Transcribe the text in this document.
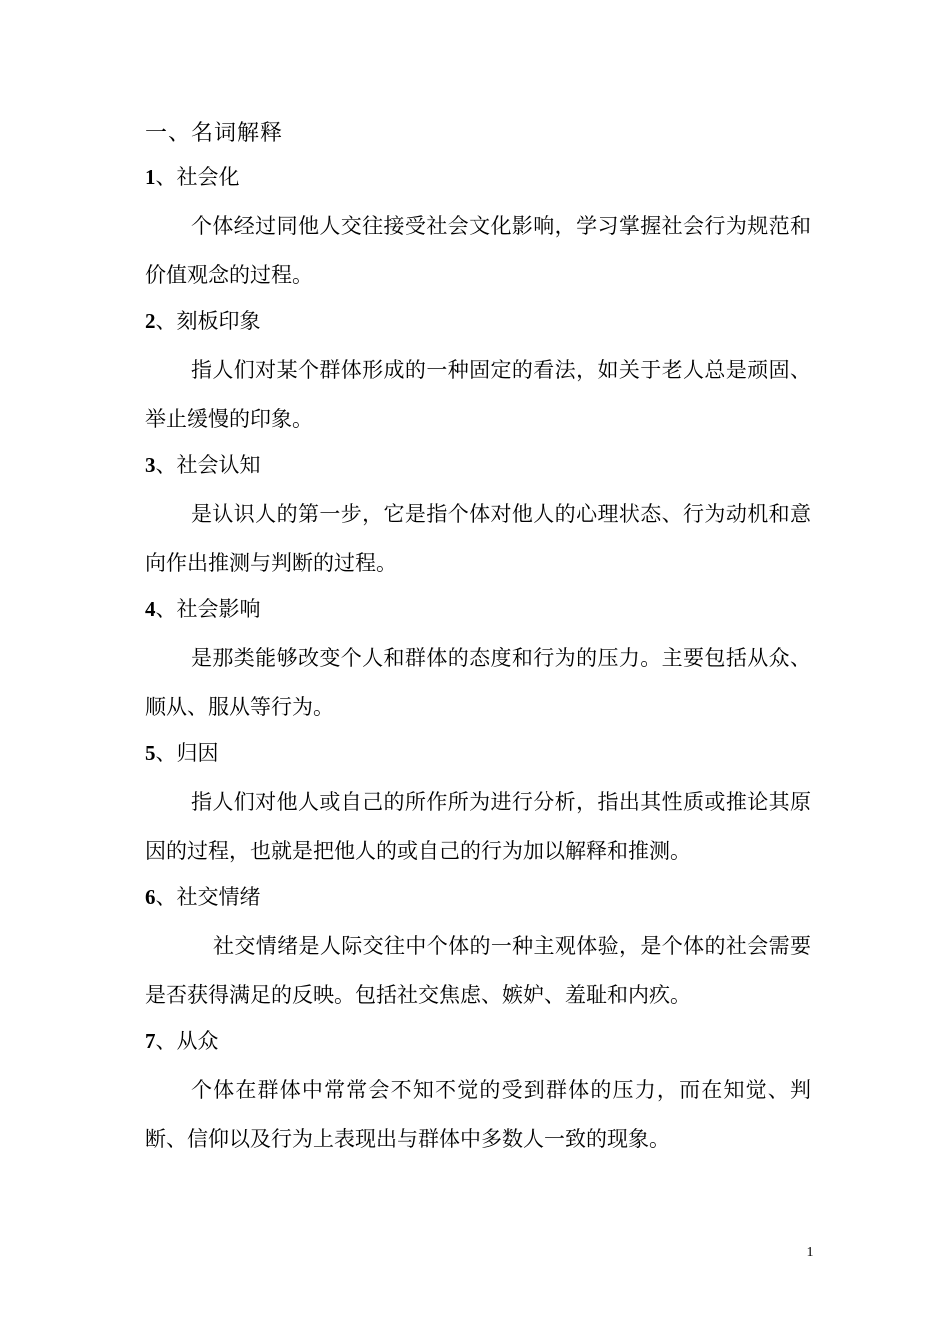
一、名词解释
1、社会化

个体经过同他人交往接受社会文化影响，学习掌握社会行为规范和价值观念的过程。

2、刻板印象

指人们对某个群体形成的一种固定的看法，如关于老人总是顽固、举止缓慢的印象。

3、社会认知

是认识人的第一步，它是指个体对他人的心理状态、行为动机和意向作出推测与判断的过程。

4、社会影响

是那类能够改变个人和群体的态度和行为的压力。主要包括从众、顺从、服从等行为。

5、归因

指人们对他人或自己的所作所为进行分析，指出其性质或推论其原因的过程，也就是把他人的或自己的行为加以解释和推测。

6、社交情绪

社交情绪是人际交往中个体的一种主观体验，是个体的社会需要是否获得满足的反映。包括社交焦虑、嫉妒、羞耻和内疚。

7、从众

个体在群体中常常会不知不觉的受到群体的压力，而在知觉、判断、信仰以及行为上表现出与群体中多数人一致的现象。

1
